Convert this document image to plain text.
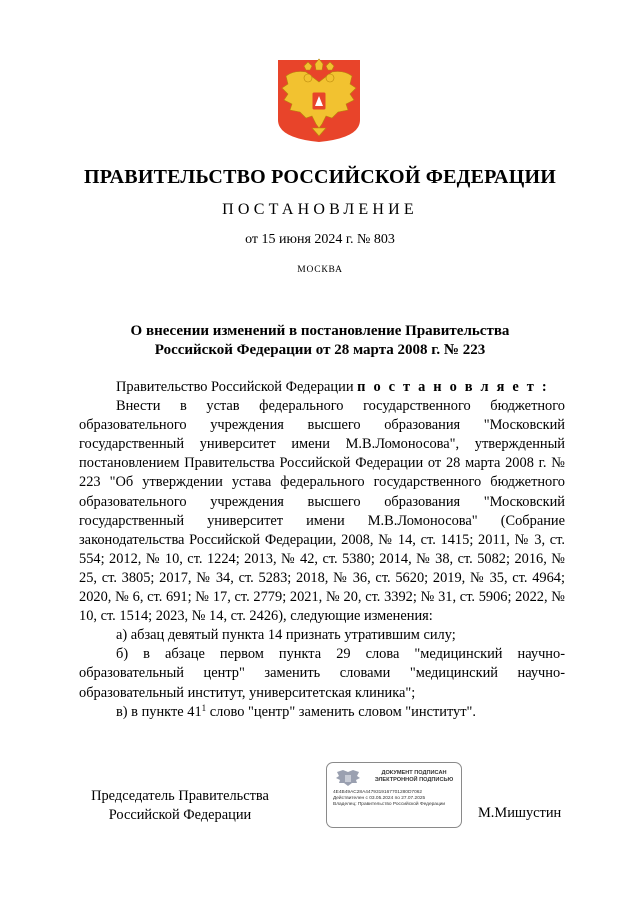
ПРАВИТЕЛЬСТВО РОССИЙСКОЙ ФЕДЕРАЦИИ
ПОСТАНОВЛЕНИЕ
от 15 июня 2024 г. № 803
МОСКВА
О внесении изменений в постановление Правительства
Российской Федерации от 28 марта 2008 г. № 223

Правительство Российской Федерации п о с т а н о в л я е т :

Внести в устав федерального государственного бюджетного образовательного учреждения высшего образования "Московский государственный университет имени М.В.Ломоносова", утвержденный постановлением Правительства Российской Федерации от 28 марта 2008 г. № 223 "Об утверждении устава федерального государственного бюджетного образовательного учреждения высшего образования "Московский государственный университет имени М.В.Ломоносова" (Собрание законодательства Российской Федерации, 2008, № 14, ст. 1415; 2011, № 3, ст. 554; 2012, № 10, ст. 1224; 2013, № 42, ст. 5380; 2014, № 38, ст. 5082; 2016, № 25, ст. 3805; 2017, № 34, ст. 5283; 2018, № 36, ст. 5620; 2019, № 35, ст. 4964; 2020, № 6, ст. 691; № 17, ст. 2779; 2021, № 20, ст. 3392; № 31, ст. 5906; 2022, № 10, ст. 1514; 2023, № 14, ст. 2426), следующие изменения:

а) абзац девятый пункта 14 признать утратившим силу;

б) в абзаце первом пункта 29 слова "медицинский научно-образовательный центр" заменить словами "медицинский научно-образовательный институт, университетская клиника";

в) в пункте $41^1$ слово "центр" заменить словом "институт".

Председатель Правительства
Российской Федерации
ДОКУМЕНТ ПОДПИСАН
ЭЛЕКТРОННОЙ ПОДПИСЬЮ
4E4B49AC28A4479319167701280D7062
Действителен с 03.05.2024 по 27.07.2025
Владелец: Правительство Российской Федерации
М.Мишустин
